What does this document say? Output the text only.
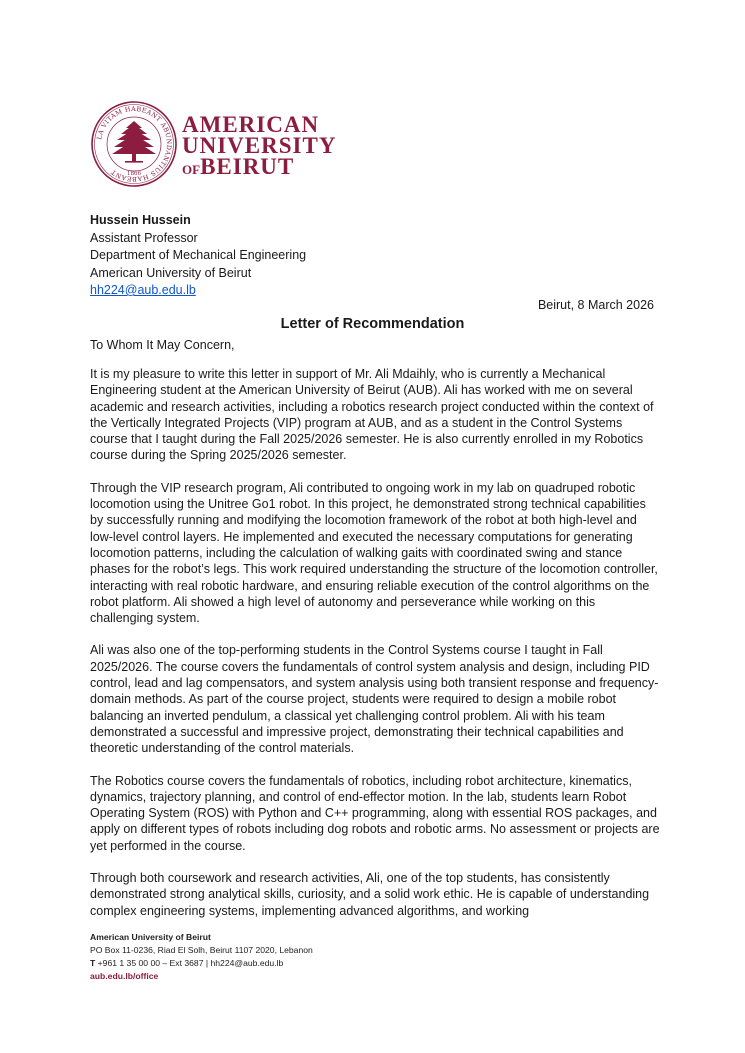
LA VITAM HABEANT ABUNDANTIUS HABEANT	1866
AMERICAN
UNIVERSITY
OFBEIRUT
Hussein Hussein
Assistant Professor
Department of Mechanical Engineering
American University of Beirut
hh224@aub.edu.lb
Beirut, 8 March 2026
Letter of Recommendation
To Whom It May Concern,

It is my pleasure to write this letter in support of Mr. Ali Mdaihly, who is currently a Mechanical Engineering student at the American University of Beirut (AUB). Ali has worked with me on several academic and research activities, including a robotics research project conducted within the context of the Vertically Integrated Projects (VIP) program at AUB, and as a student in the Control Systems course that I taught during the Fall 2025/2026 semester. He is also currently enrolled in my Robotics course during the Spring 2025/2026 semester.

Through the VIP research program, Ali contributed to ongoing work in my lab on quadruped robotic locomotion using the Unitree Go1 robot. In this project, he demonstrated strong technical capabilities by successfully running and modifying the locomotion framework of the robot at both high-level and low-level control layers. He implemented and executed the necessary computations for generating locomotion patterns, including the calculation of walking gaits with coordinated swing and stance phases for the robot’s legs. This work required understanding the structure of the locomotion controller, interacting with real robotic hardware, and ensuring reliable execution of the control algorithms on the robot platform. Ali showed a high level of autonomy and perseverance while working on this challenging system.

Ali was also one of the top-performing students in the Control Systems course I taught in Fall 2025/2026. The course covers the fundamentals of control system analysis and design, including PID control, lead and lag compensators, and system analysis using both transient response and frequency-domain methods. As part of the course project, students were required to design a mobile robot balancing an inverted pendulum, a classical yet challenging control problem. Ali with his team demonstrated a successful and impressive project, demonstrating their technical capabilities and theoretic understanding of the control materials.

The Robotics course covers the fundamentals of robotics, including robot architecture, kinematics, dynamics, trajectory planning, and control of end-effector motion. In the lab, students learn Robot Operating System (ROS) with Python and C++ programming, along with essential ROS packages, and apply on different types of robots including dog robots and robotic arms. No assessment or projects are yet performed in the course.

Through both coursework and research activities, Ali, one of the top students, has consistently demonstrated strong analytical skills, curiosity, and a solid work ethic. He is capable of understanding complex engineering systems, implementing advanced algorithms, and working

American University of Beirut
PO Box 11-0236, Riad El Solh, Beirut 1107 2020, Lebanon
T +961 1 35 00 00 – Ext 3687 | hh224@aub.edu.lb
aub.edu.lb/office
